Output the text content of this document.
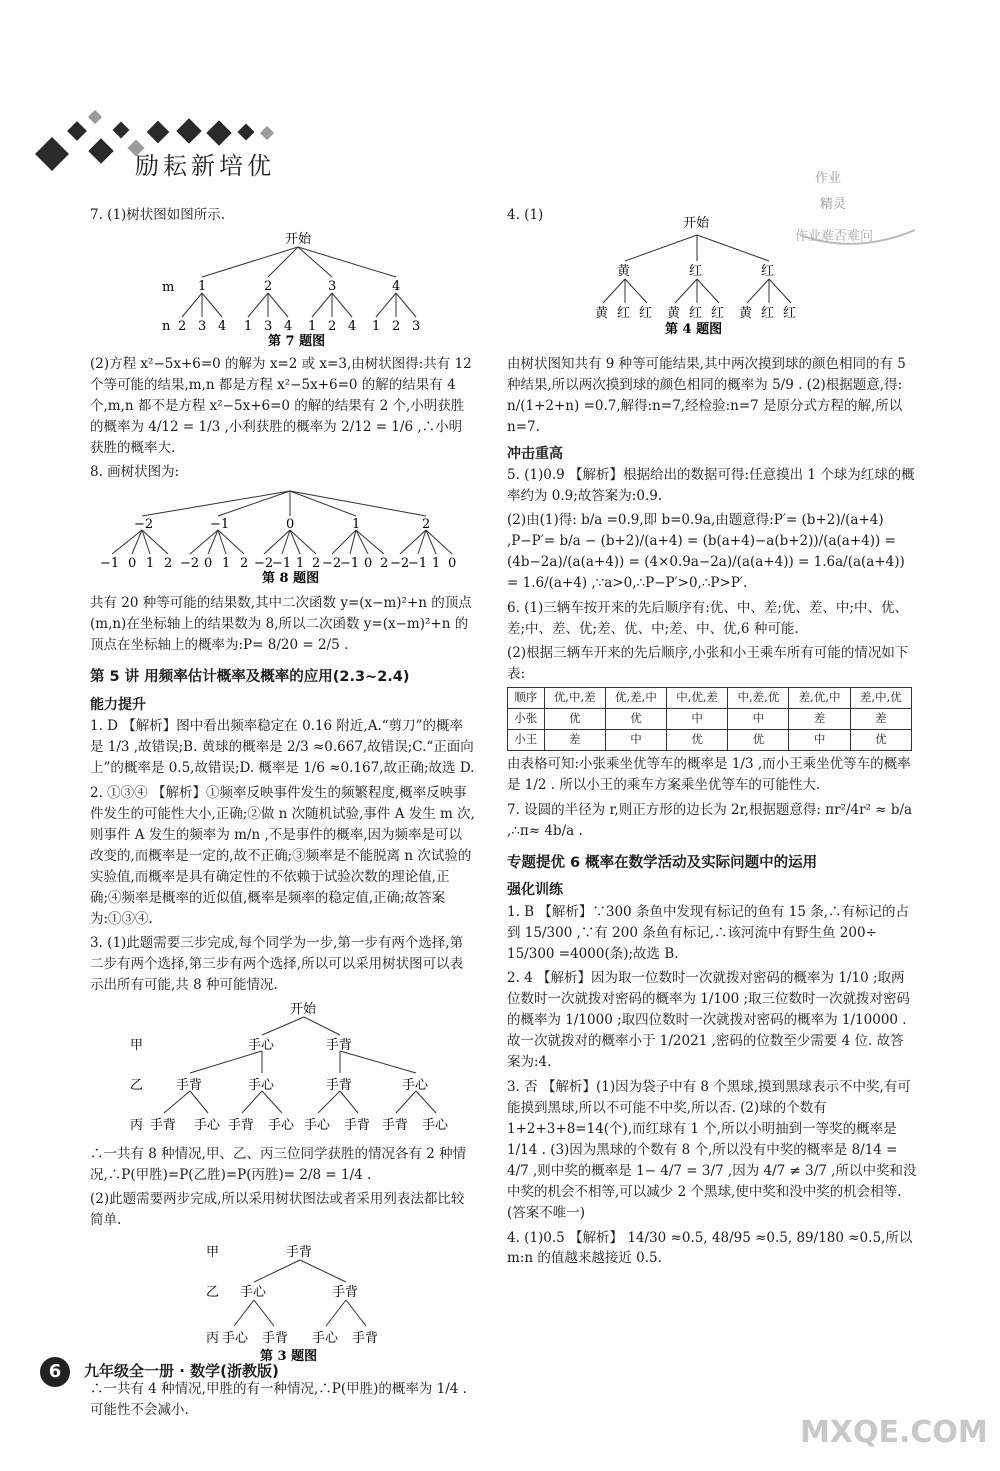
励耘新培优	作业
精灵
作业难否难问

7. (1)树状图如图所示.

开始
m
n
1	2	3	4
2 3 4 1 3 4 1 2 4 1 2 3
第 7 题图

(2)方程 x²−5x+6=0 的解为 x=2 或 x=3,由树状图得:共有 12 个等可能的结果,m,n 都是方程 x²−5x+6=0 的解的结果有 4 个,m,n 都不是方程 x²−5x+6=0 的解的结果有 2 个,小明获胜的概率为 4/12 = 1/3 ,小利获胜的概率为 2/12 = 1/6 ,∴小明获胜的概率大.

8. 画树状图为:

−2	−1	0	1	2
−1 0 1 2 −2 0 1 2 −2
−1 1 2 −2
−1 0 2 −2
−1 1 0
第 8 题图

共有 20 种等可能的结果数,其中二次函数 y=(x−m)²+n 的顶点(m,n)在坐标轴上的结果数为 8,所以二次函数 y=(x−m)²+n 的顶点在坐标轴上的概率为:P= 8/20 = 2/5 .

第 5 讲 用频率估计概率及概率的应用(2.3~2.4)
能力提升

1. D 【解析】图中看出频率稳定在 0.16 附近,A.“剪刀”的概率是 1/3 ,故错误;B. 黄球的概率是 2/3 ≈0.667,故错误;C.“正面向上”的概率是 0.5,故错误;D. 概率是 1/6 ≈0.167,故正确;故选 D.

2. ①③④ 【解析】①频率反映事件发生的频繁程度,概率反映事件发生的可能性大小,正确;②做 n 次随机试验,事件 A 发生 m 次,则事件 A 发生的频率为 m/n ,不是事件的概率,因为频率是可以改变的,而概率是一定的,故不正确;③频率是不能脱离 n 次试验的实验值,而概率是具有确定性的不依赖于试验次数的理论值,正确;④频率是概率的近似值,概率是频率的稳定值,正确;故答案为:①③④.

3. (1)此题需要三步完成,每个同学为一步,第一步有两个选择,第二步有两个选择,第三步有两个选择,所以可以采用树状图可以表示出所有可能,共 8 种可能情况.

开始
甲
乙
丙
手心	手背
手背	手心	手背	手心
手背 手心 手背 手心 手心 手背 手背 手心

∴一共有 8 种情况,甲、乙、丙三位同学获胜的情况各有 2 种情况,∴P(甲胜)=P(乙胜)=P(丙胜)= 2/8 = 1/4 .

(2)此题需要两步完成,所以采用树状图法或者采用列表法都比较简单.

甲
乙
丙
手背
手心	手背
手心 手背 手心 手背
第 3 题图

∴一共有 4 种情况,甲胜的有一种情况,∴P(甲胜)的概率为 1/4 . 可能性不会减小.

4. (1)

开始
黄	红	红
黄 红 红 黄 红 红 黄 红 红
第 4 题图

由树状图知共有 9 种等可能结果,其中两次摸到球的颜色相同的有 5 种结果,所以两次摸到球的颜色相同的概率为 5/9 . (2)根据题意,得: n/(1+2+n) =0.7,解得:n=7,经检验:n=7 是原分式方程的解,所以 n=7.

冲击重高

5. (1)0.9 【解析】根据给出的数据可得:任意摸出 1 个球为红球的概率约为 0.9;故答案为:0.9.

(2)由(1)得: b/a =0.9,即 b=0.9a,由题意得:P′= (b+2)/(a+4) ,P−P′= b/a − (b+2)/(a+4) = (b(a+4)−a(b+2))/(a(a+4)) = (4b−2a)/(a(a+4)) = (4×0.9a−2a)/(a(a+4)) = 1.6a/(a(a+4)) = 1.6/(a+4) ,∵a>0,∴P−P′>0,∴P>P′.

6. (1)三辆车按开来的先后顺序有:优、中、差;优、差、中;中、优、差;中、差、优;差、优、中;差、中、优,6 种可能.

(2)根据三辆车开来的先后顺序,小张和小王乘车所有可能的情况如下表:

顺序	优,中,差	优,差,中	中,优,差	中,差,优	差,优,中	差,中,优
小张	优	优	中	中	差	差
小王	差	中	优	优	中	优

由表格可知:小张乘坐优等车的概率是 1/3 ,而小王乘坐优等车的概率是 1/2 . 所以小王的乘车方案乘坐优等车的可能性大.

7. 设圆的半径为 r,则正方形的边长为 2r,根据题意得: πr²/4r² ≈ b/a ,∴π≈ 4b/a .

专题提优 6 概率在数学活动及实际问题中的运用
强化训练

1. B 【解析】∵300 条鱼中发现有标记的鱼有 15 条,∴有标记的占到 15/300 ,∵有 200 条鱼有标记,∴该河流中有野生鱼 200÷ 15/300 =4000(条);故选 B.

2. 4 【解析】因为取一位数时一次就拨对密码的概率为 1/10 ;取两位数时一次就拨对密码的概率为 1/100 ;取三位数时一次就拨对密码的概率为 1/1000 ;取四位数时一次就拨对密码的概率为 1/10000 . 故一次就拨对的概率小于 1/2021 ,密码的位数至少需要 4 位. 故答案为:4.

3. 否 【解析】(1)因为袋子中有 8 个黑球,摸到黑球表示不中奖,有可能摸到黑球,所以不可能不中奖,所以否. (2)球的个数有 1+2+3+8=14(个),而红球有 1 个,所以小明抽到一等奖的概率是 1/14 . (3)因为黑球的个数有 8 个,所以没有中奖的概率是 8/14 = 4/7 ,则中奖的概率是 1− 4/7 = 3/7 ,因为 4/7 ≠ 3/7 ,所以中奖和没中奖的机会不相等,可以减少 2 个黑球,使中奖和没中奖的机会相等. (答案不唯一)

4. (1)0.5 【解析】 14/30 ≈0.5, 48/95 ≈0.5, 89/180 ≈0.5,所以 m:n 的值越来越接近 0.5.

6	九年级全一册 · 数学(浙教版)
MXQE.COM
